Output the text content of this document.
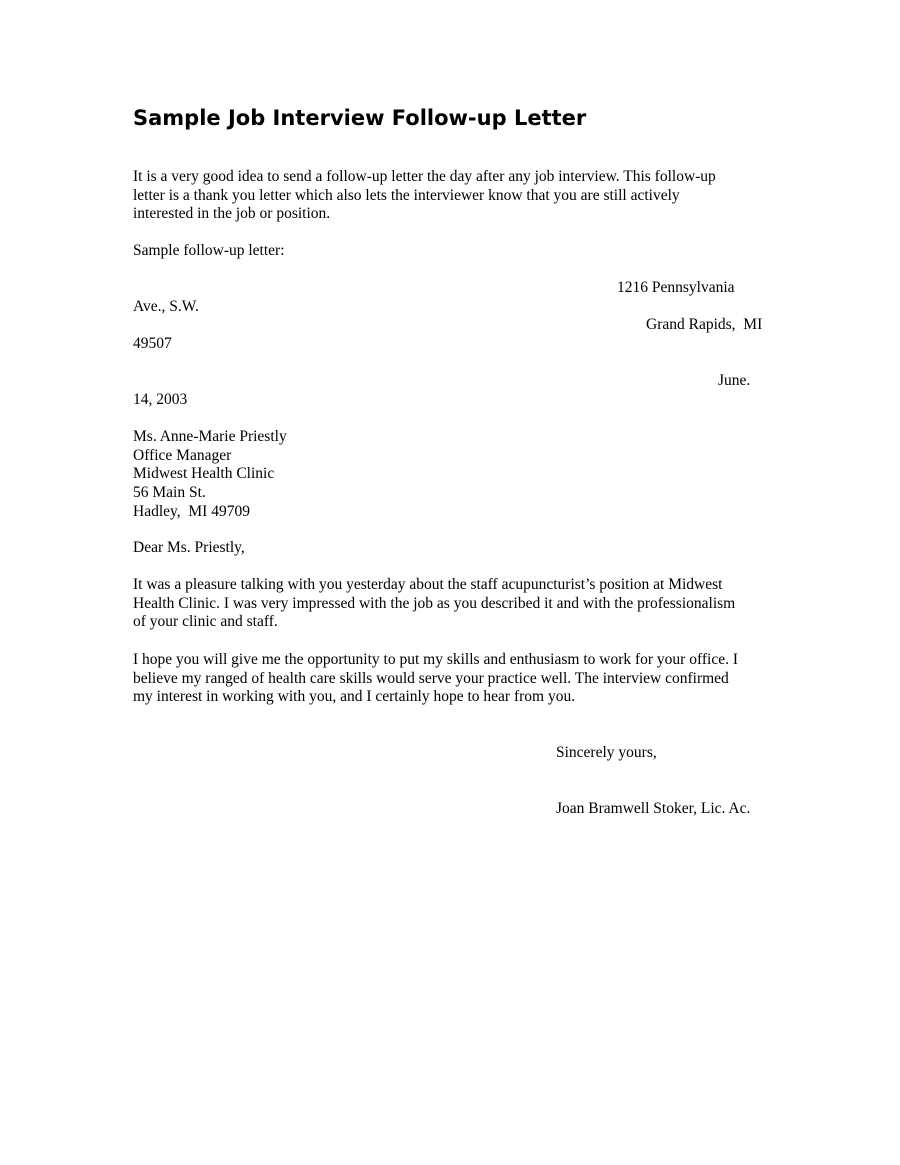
Sample Job Interview Follow-up Letter
It is a very good idea to send a follow-up letter the day after any job interview. This follow-up
letter is a thank you letter which also lets the interviewer know that you are still actively
interested in the job or position.
Sample follow-up letter:
1216 Pennsylvania
Ave., S.W.
Grand Rapids,  MI
49507
June.
14, 2003
Ms. Anne-Marie Priestly
Office Manager
Midwest Health Clinic
56 Main St.
Hadley,  MI 49709
Dear Ms. Priestly,
It was a pleasure talking with you yesterday about the staff acupuncturist’s position at Midwest
Health Clinic. I was very impressed with the job as you described it and with the professionalism
of your clinic and staff.
I hope you will give me the opportunity to put my skills and enthusiasm to work for your office. I
believe my ranged of health care skills would serve your practice well. The interview confirmed
my interest in working with you, and I certainly hope to hear from you.
Sincerely yours,
Joan Bramwell Stoker, Lic. Ac.
